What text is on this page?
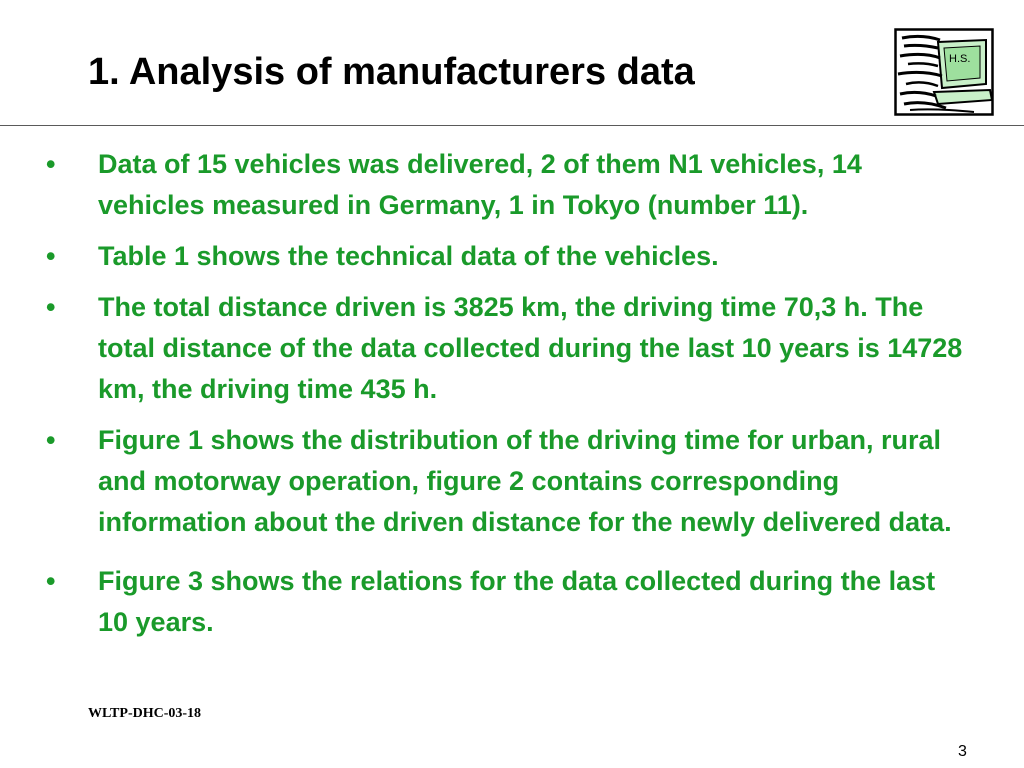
1. Analysis of manufacturers data	H.S.
• Data of 15 vehicles was delivered, 2 of them N1 vehicles, 14 vehicles measured in Germany, 1 in Tokyo (number 11).
• Table 1 shows the technical data of the vehicles.
• The total distance driven is 3825 km, the driving time 70,3 h. The total distance of the data collected during the last 10 years is 14728 km, the driving time 435 h.
• Figure 1 shows the distribution of the driving time for urban, rural and motorway operation, figure 2 contains corresponding information about the driven distance for the newly delivered data.
• Figure 3 shows the relations for the data collected during the last 10 years.
WLTP-DHC-03-18
3
